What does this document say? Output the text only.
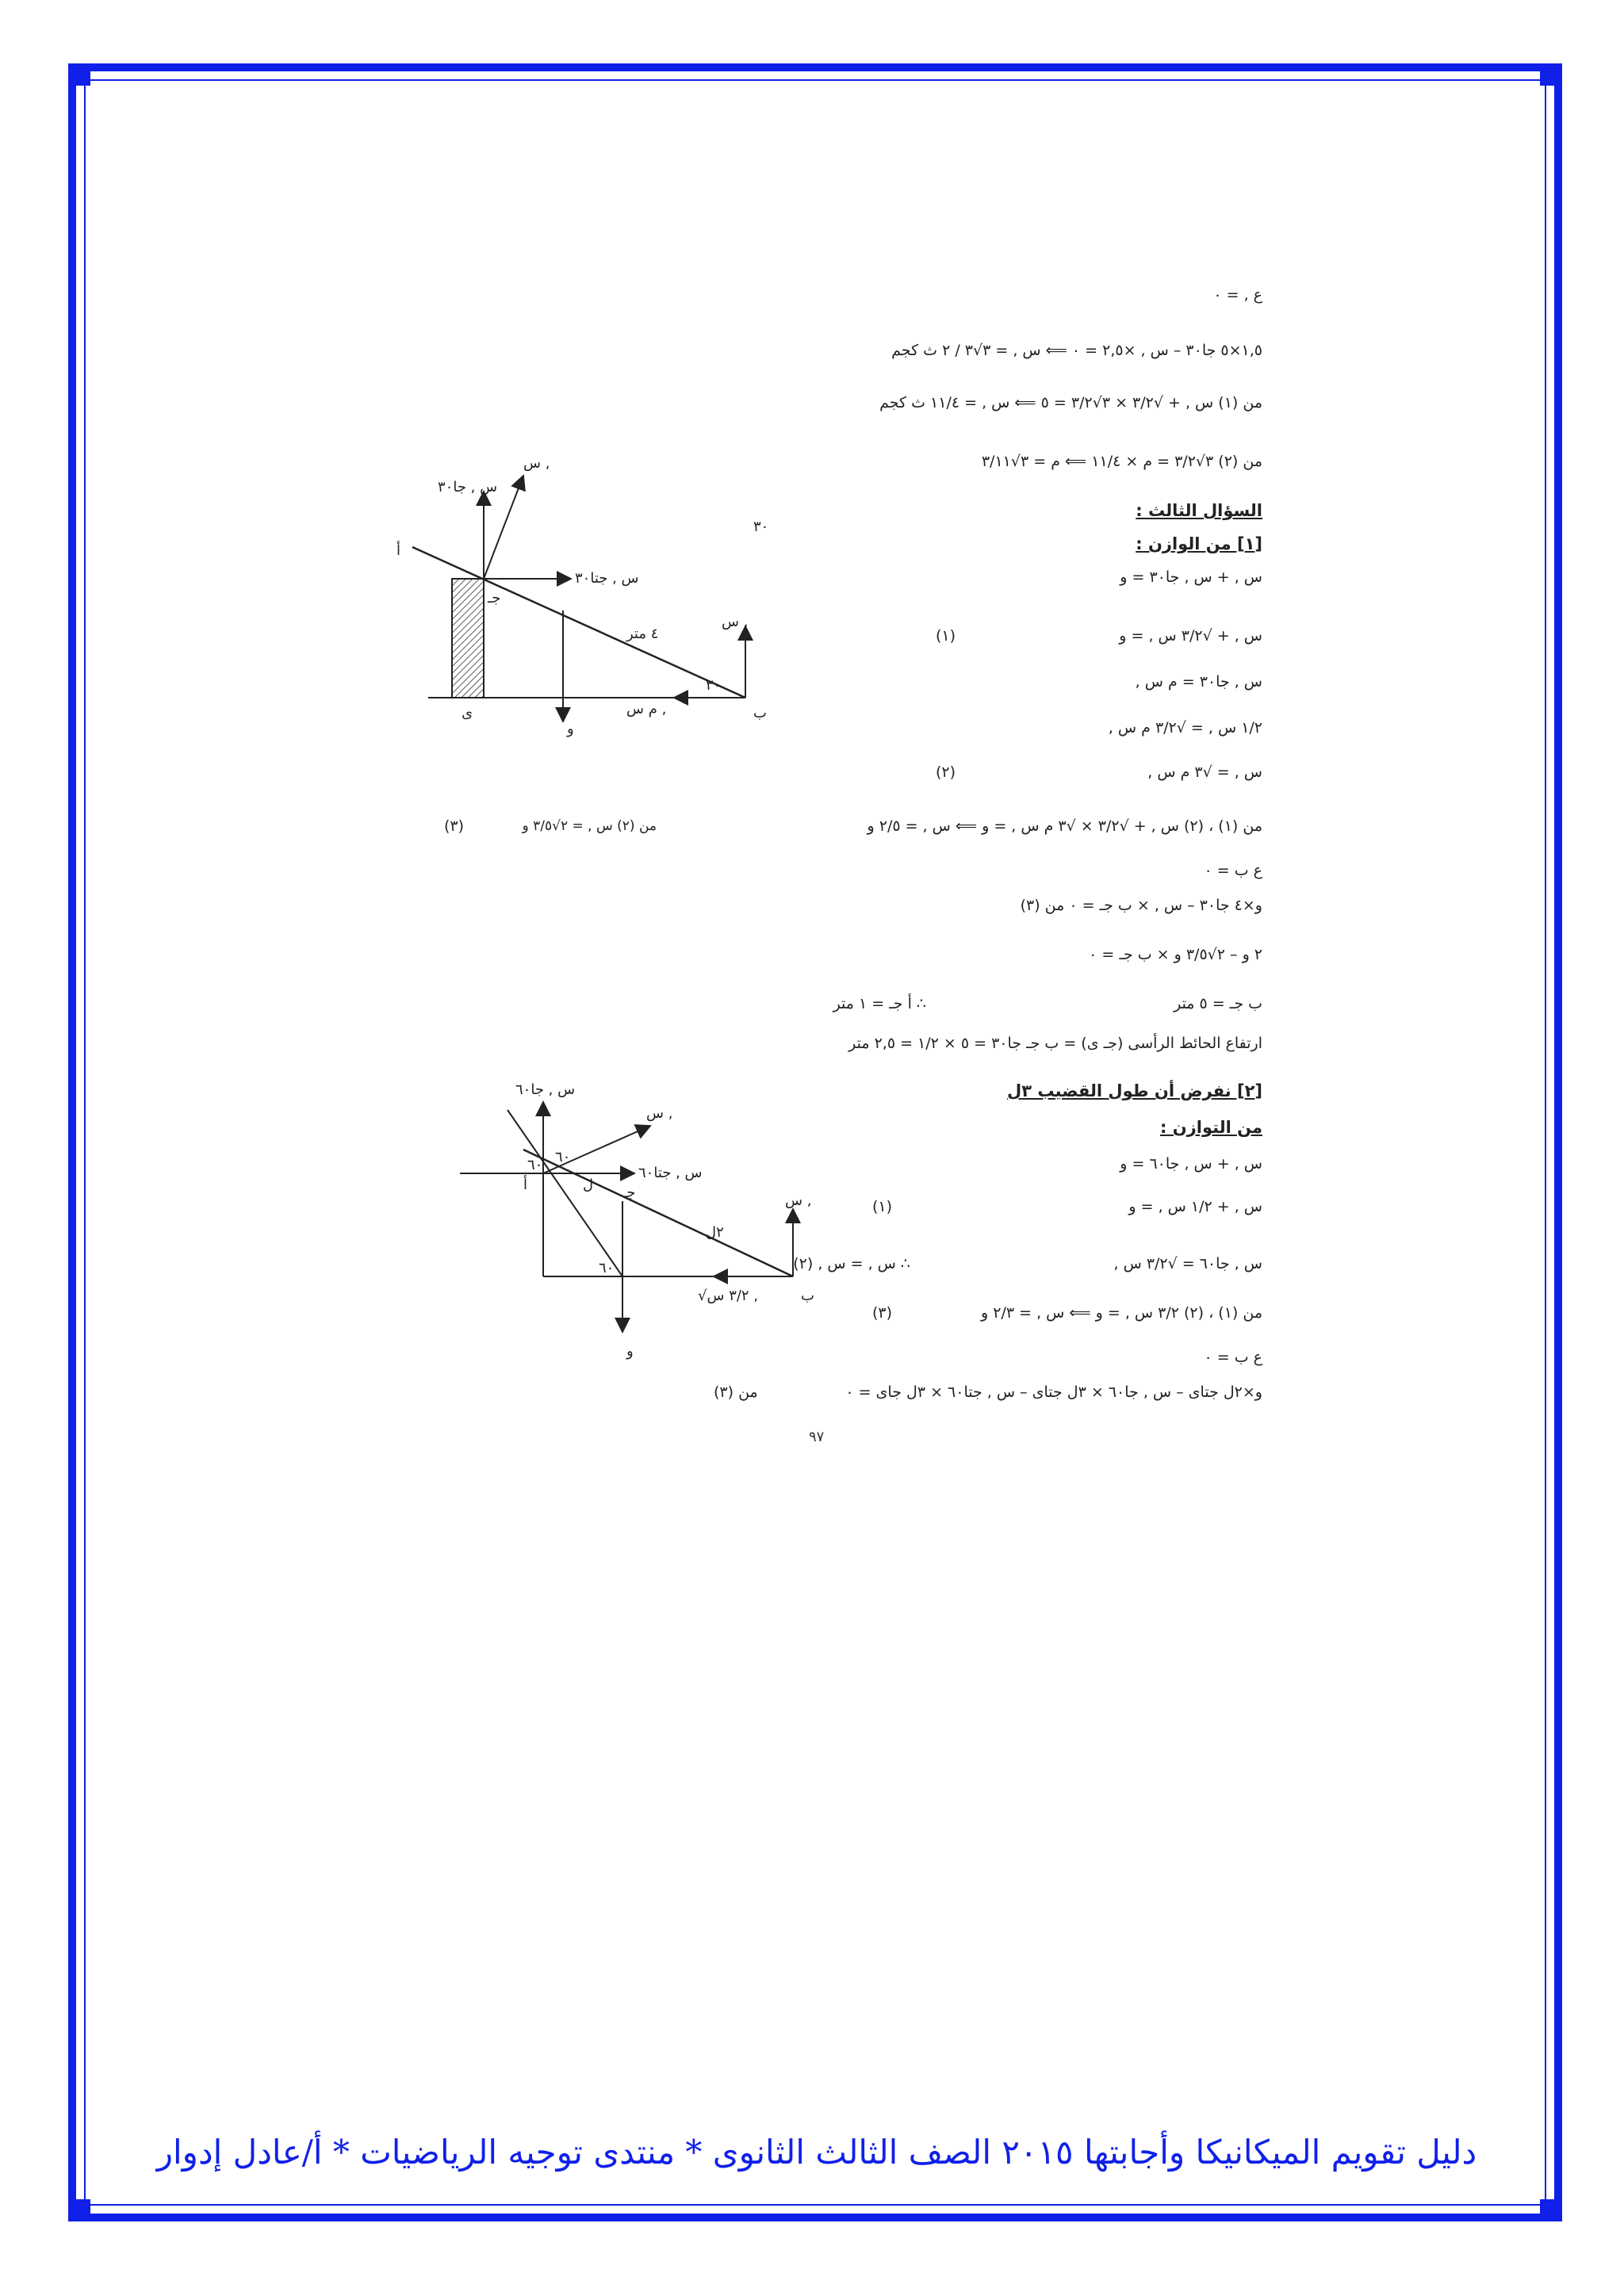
ع , = ٠
١,٥×٥ جا٣٠ – س , ×٢,٥ = ٠ ⟸ س , = ٣√٣ / ٢ ث كجم
من (١) س , + √٣/٢ × ٣√٣/٢ = ٥ ⟸ س , = ١١/٤ ث كجم
من (٢) ٣√٣/٢ = م × ١١/٤ ⟸ م = ٣√٣/١١
السؤال الثالث :
[١] من الوازن :
س , + س , جا٣٠ = و
س , + √٣/٢ س , = و
(١)
س , جا٣٠ = م س ,
١/٢ س , = √٣/٢ م س ,
س , = √٣ م س ,
(٢)
من (١) ، (٢) س , + √٣/٢ × √٣ م س , = و ⟸ س , = ٢/٥ و
من (٢) س , = ٢√٣/٥ و
(٣)
ع ب = ٠
و×٤ جا٣٠ – س , × ب جـ = ٠ من (٣)
٢ و – ٢√٣/٥ و × ب جـ = ٠
ب جـ = ٥ متر
∴ أ جـ = ١ متر
ارتفاع الحائط الرأسى (جـ ى) = ب جـ جا٣٠ = ٥ × ١/٢ = ٢,٥ متر
[٢] نفرض أن طول القضيب ٣ل
من التوازن :
س , + س , جا٦٠ = و
س , + ١/٢ س , = و
(١)
س , جا٦٠ = √٣/٢ س ,
∴ س , = س , (٢)
من (١) ، (٢) ٣/٢ س , = و ⟸ س , = ٢/٣ و
(٣)
ع ب = ٠
و×٢ل جتاى – س , جا٦٠ × ٣ل جتاى – س , جتا٦٠ × ٣ل جاى = ٠
من (٣)
٩٧
أ
جـ
ب
ى
و
س , جا٣٠
س ,
س , جتا٣٠
٤ متر
س ,
م س ,
٣٠
٣٠
أ	جـ
ب
و
ل
٢ل
س , جا٦٠
س ,
س , جتا٦٠
س ,
٦٠ ٦٠
٦٠
√٣/٢ س ,
دليل تقويم الميكانيكا وأجابتها ٢٠١٥ الصف الثالث الثانوى * منتدى توجيه الرياضيات * أ/عادل إدوار
